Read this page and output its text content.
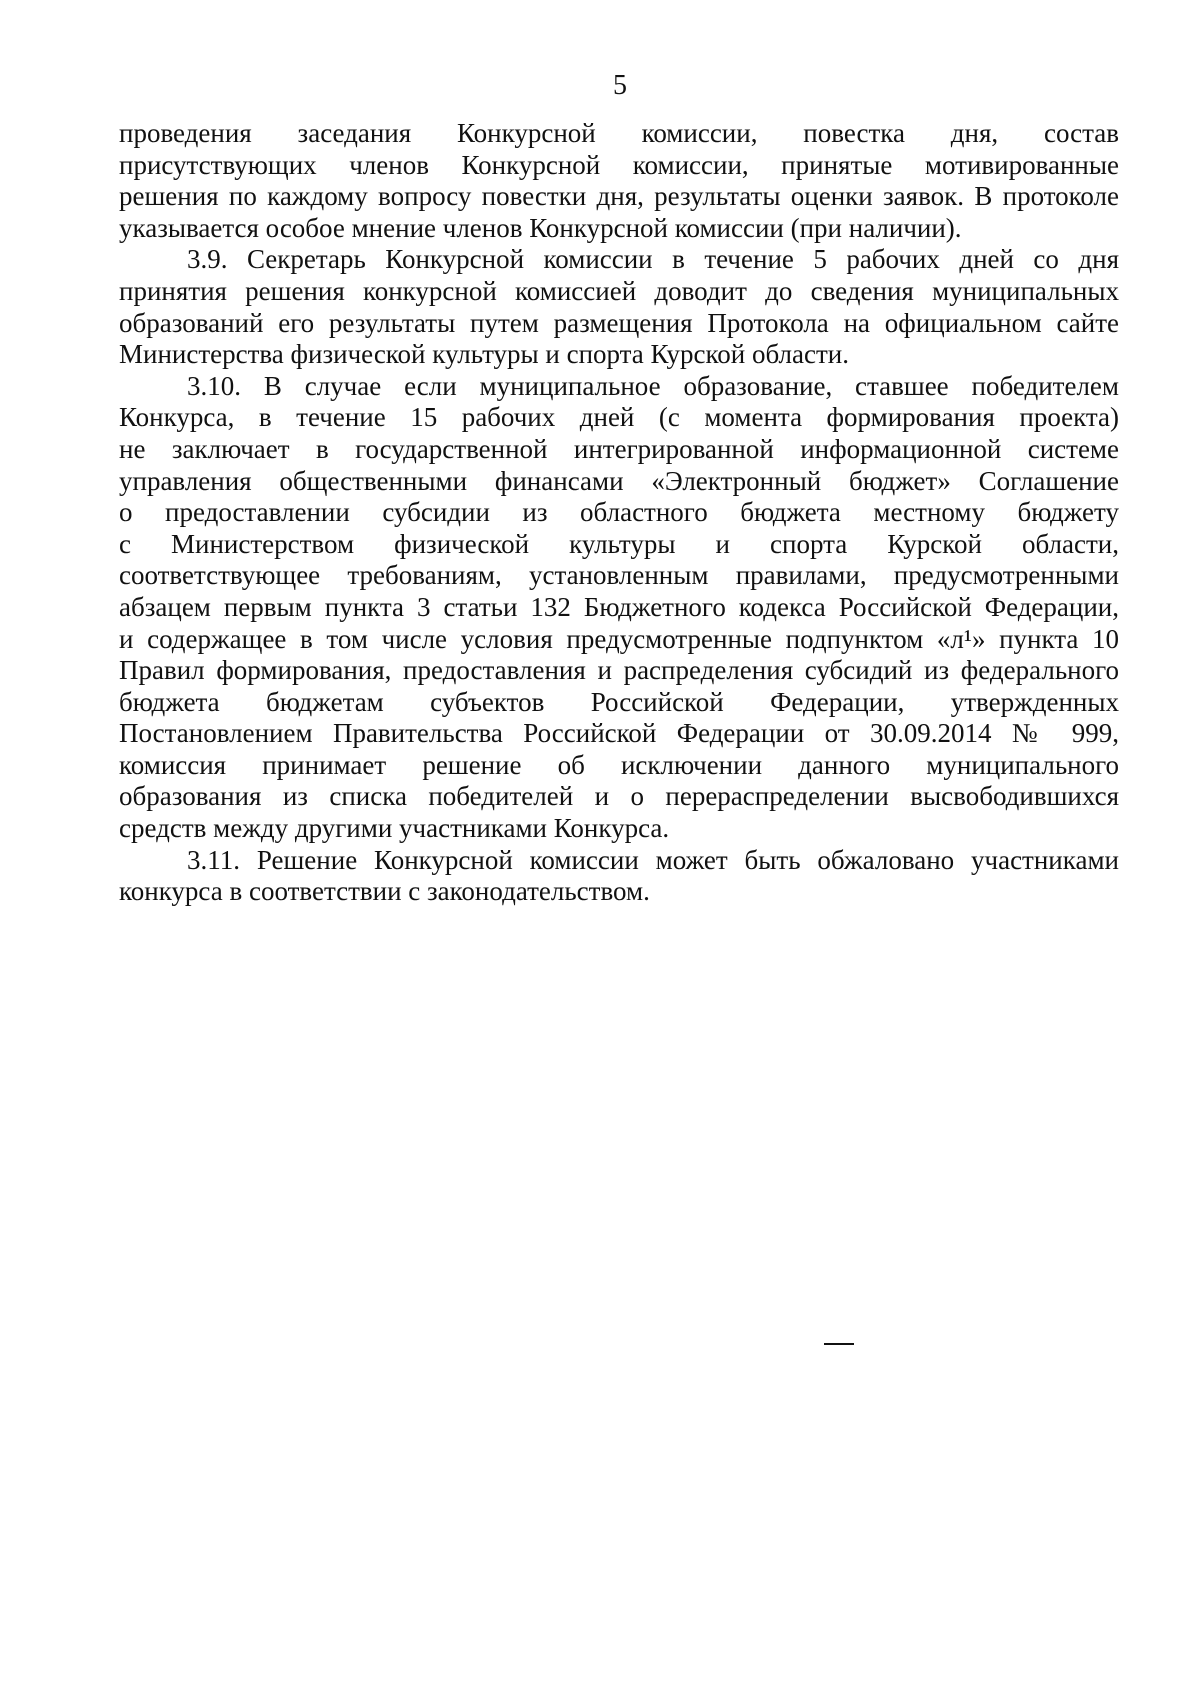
5

проведения заседания Конкурсной комиссии, повестка дня, состав
присутствующих членов Конкурсной комиссии, принятые мотивированные
решения по каждому вопросу повестки дня, результаты оценки заявок. В протоколе
указывается особое мнение членов Конкурсной комиссии (при наличии).

3.9. Секретарь Конкурсной комиссии в течение 5 рабочих дней со дня
принятия решения конкурсной комиссией доводит до сведения муниципальных
образований его результаты путем размещения Протокола на официальном сайте
Министерства физической культуры и спорта Курской области.

3.10. В случае если муниципальное образование, ставшее победителем
Конкурса, в течение 15 рабочих дней (с момента формирования проекта)
не заключает в государственной интегрированной информационной системе
управления общественными финансами «Электронный бюджет» Соглашение
о предоставлении субсидии из областного бюджета местному бюджету
с Министерством физической культуры и спорта Курской области,
соответствующее требованиям, установленным правилами, предусмотренными
абзацем первым пункта 3 статьи 132 Бюджетного кодекса Российской Федерации,
и содержащее в том числе условия предусмотренные подпунктом «л¹» пункта 10
Правил формирования, предоставления и распределения субсидий из федерального
бюджета бюджетам субъектов Российской Федерации, утвержденных
Постановлением Правительства Российской Федерации от 30.09.2014 № 999,
комиссия принимает решение об исключении данного муниципального
образования из списка победителей и о перераспределении высвободившихся
средств между другими участниками Конкурса.

3.11. Решение Конкурсной комиссии может быть обжаловано участниками
конкурса в соответствии с законодательством.
